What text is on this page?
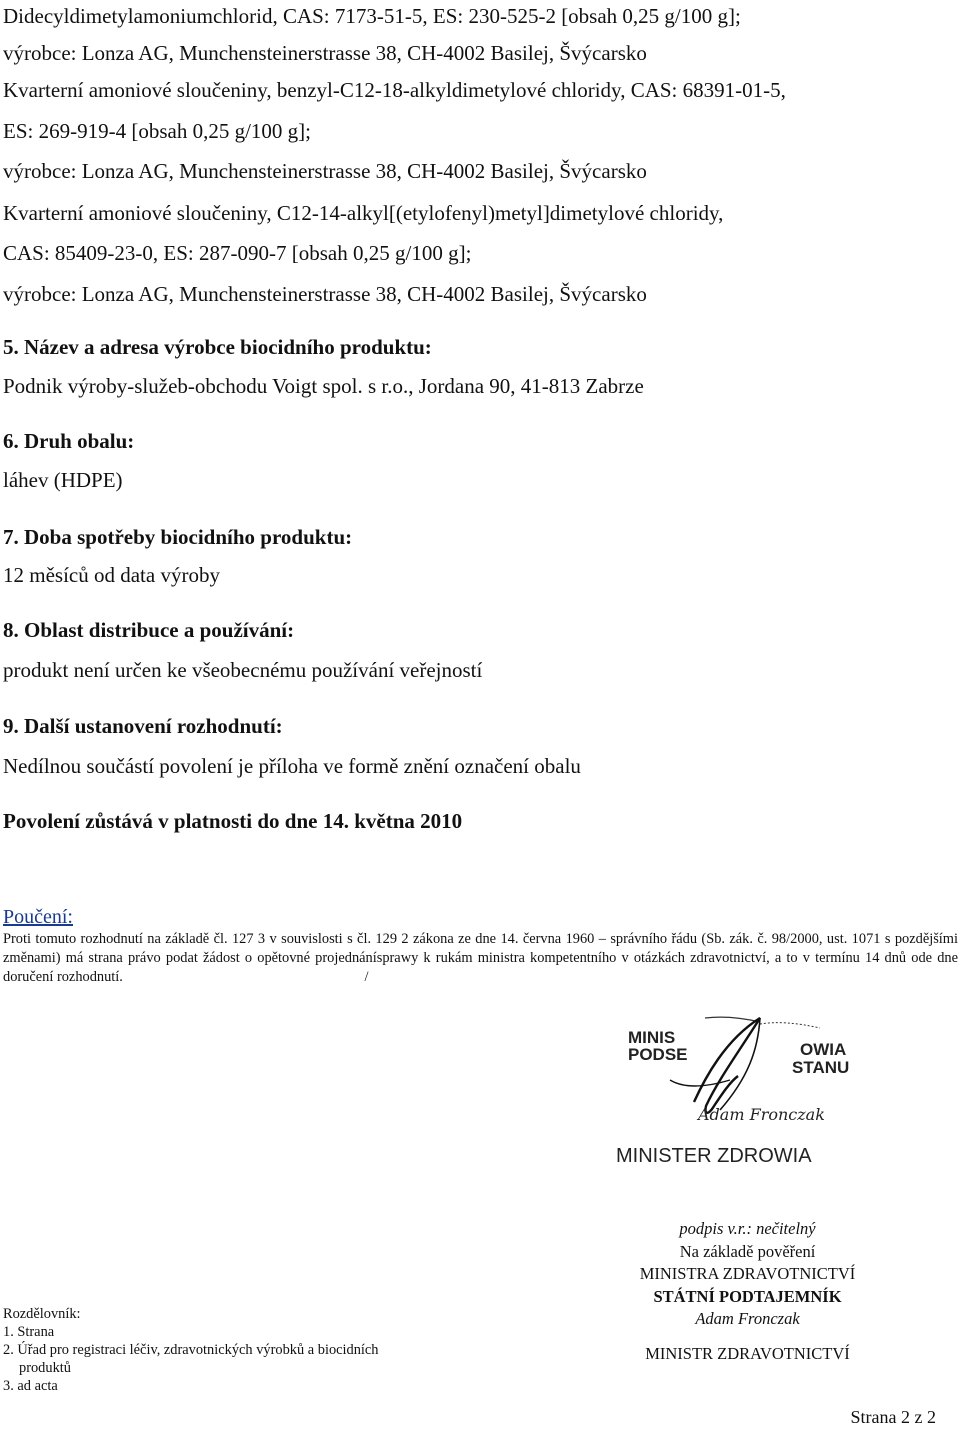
Didecyldimetylamoniumchlorid, CAS: 7173-51-5, ES: 230-525-2 [obsah 0,25 g/100 g];
výrobce: Lonza AG, Munchensteinerstrasse 38, CH-4002 Basilej, Švýcarsko
Kvarterní amoniové sloučeniny, benzyl-C12-18-alkyldimetylové chloridy, CAS: 68391-01-5,
ES: 269-919-4 [obsah 0,25 g/100 g];
výrobce: Lonza AG, Munchensteinerstrasse 38, CH-4002 Basilej, Švýcarsko
Kvarterní amoniové sloučeniny, C12-14-alkyl[(etylofenyl)metyl]dimetylové chloridy,
CAS: 85409-23-0, ES: 287-090-7 [obsah 0,25 g/100 g];
výrobce: Lonza AG, Munchensteinerstrasse 38, CH-4002 Basilej, Švýcarsko
5. Název a adresa výrobce biocidního produktu:
Podnik výroby-služeb-obchodu Voigt spol. s r.o., Jordana 90, 41-813 Zabrze
6. Druh obalu:
láhev (HDPE)
7. Doba spotřeby biocidního produktu:
12 měsíců od data výroby
8. Oblast distribuce a používání:
produkt není určen ke všeobecnému používání veřejností
9. Další ustanovení rozhodnutí:
Nedílnou součástí povolení je příloha ve formě znění označení obalu
Povolení zůstává v platnosti do dne 14. května 2010
Poučení:
Proti tomuto rozhodnutí na základě čl. 127 3 v souvislosti s čl. 129 2 zákona ze dne 14. června 1960 – správního řádu (Sb. zák. č. 98/2000, ust. 1071 s pozdějšími změnami) má strana právo podat žádost o opětovné projednánísprawy k rukám ministra kompetentního v otázkách zdravotnictví, a to v termínu 14 dnů ode dne doručení rozhodnutí.	/
MINIS
OWIA
PODSE
STANU
Adam Fronczak
MINISTER ZDROWIA
podpis v.r.: nečitelný
Na základě pověření
MINISTRA ZDRAVOTNICTVÍ
STÁTNÍ PODTAJEMNÍK
Adam Fronczak
MINISTR ZDRAVOTNICTVÍ
Rozdělovník:
1. Strana
2. Úřad pro registraci léčiv, zdravotnických výrobků a biocidních
produktů
3. ad acta
Strana 2 z 2
